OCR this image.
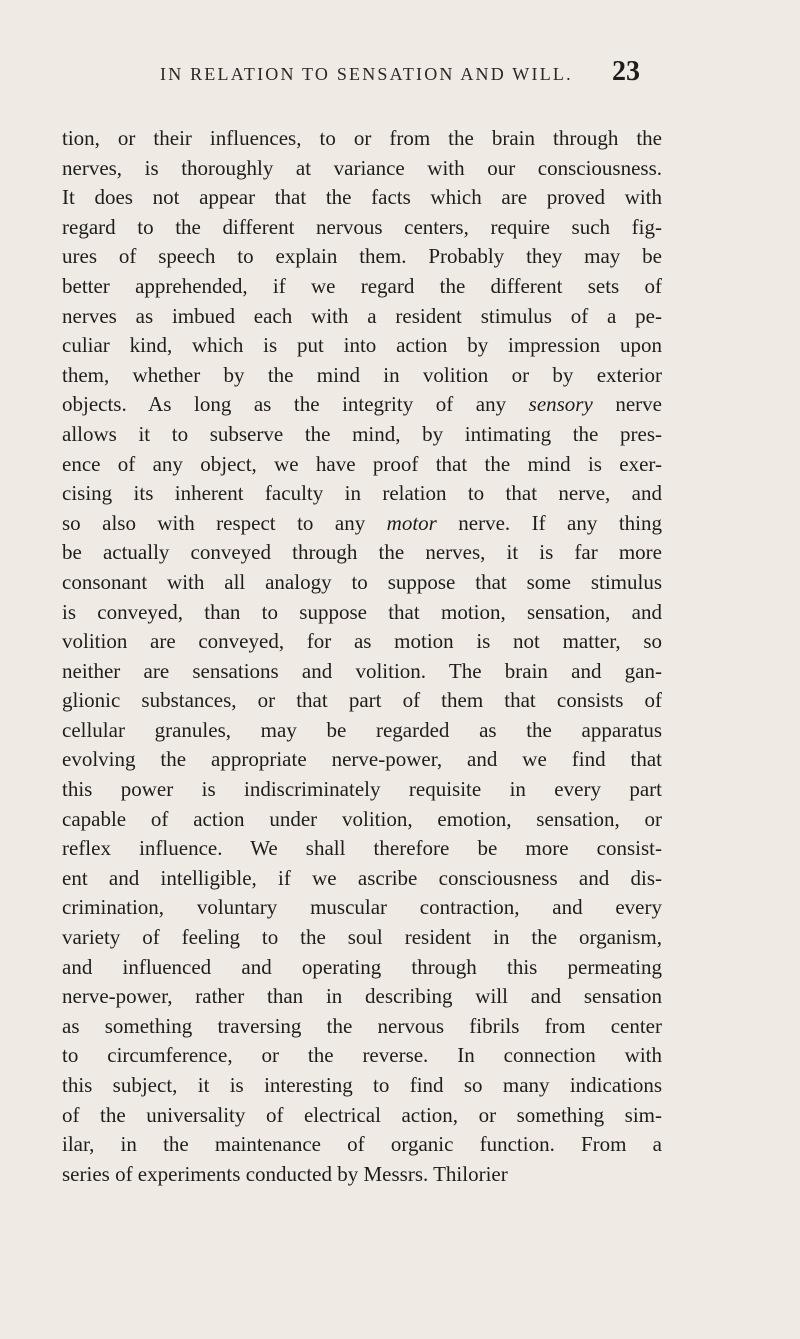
IN RELATION TO SENSATION AND WILL.	23
tion, or their influences, to or from the brain through the
nerves, is thoroughly at variance with our consciousness.
It does not appear that the facts which are proved with
regard to the different nervous centers, require such fig-
ures of speech to explain them. Probably they may be
better apprehended, if we regard the different sets of
nerves as imbued each with a resident stimulus of a pe-
culiar kind, which is put into action by impression upon
them, whether by the mind in volition or by exterior
objects. As long as the integrity of any sensory nerve
allows it to subserve the mind, by intimating the pres-
ence of any object, we have proof that the mind is exer-
cising its inherent faculty in relation to that nerve, and
so also with respect to any motor nerve. If any thing
be actually conveyed through the nerves, it is far more
consonant with all analogy to suppose that some stimulus
is conveyed, than to suppose that motion, sensation, and
volition are conveyed, for as motion is not matter, so
neither are sensations and volition. The brain and gan-
glionic substances, or that part of them that consists of
cellular granules, may be regarded as the apparatus
evolving the appropriate nerve-power, and we find that
this power is indiscriminately requisite in every part
capable of action under volition, emotion, sensation, or
reflex influence. We shall therefore be more consist-
ent and intelligible, if we ascribe consciousness and dis-
crimination, voluntary muscular contraction, and every
variety of feeling to the soul resident in the organism,
and influenced and operating through this permeating
nerve-power, rather than in describing will and sensation
as something traversing the nervous fibrils from center
to circumference, or the reverse. In connection with
this subject, it is interesting to find so many indications
of the universality of electrical action, or something sim-
ilar, in the maintenance of organic function. From a
series of experiments conducted by Messrs. Thilorier
